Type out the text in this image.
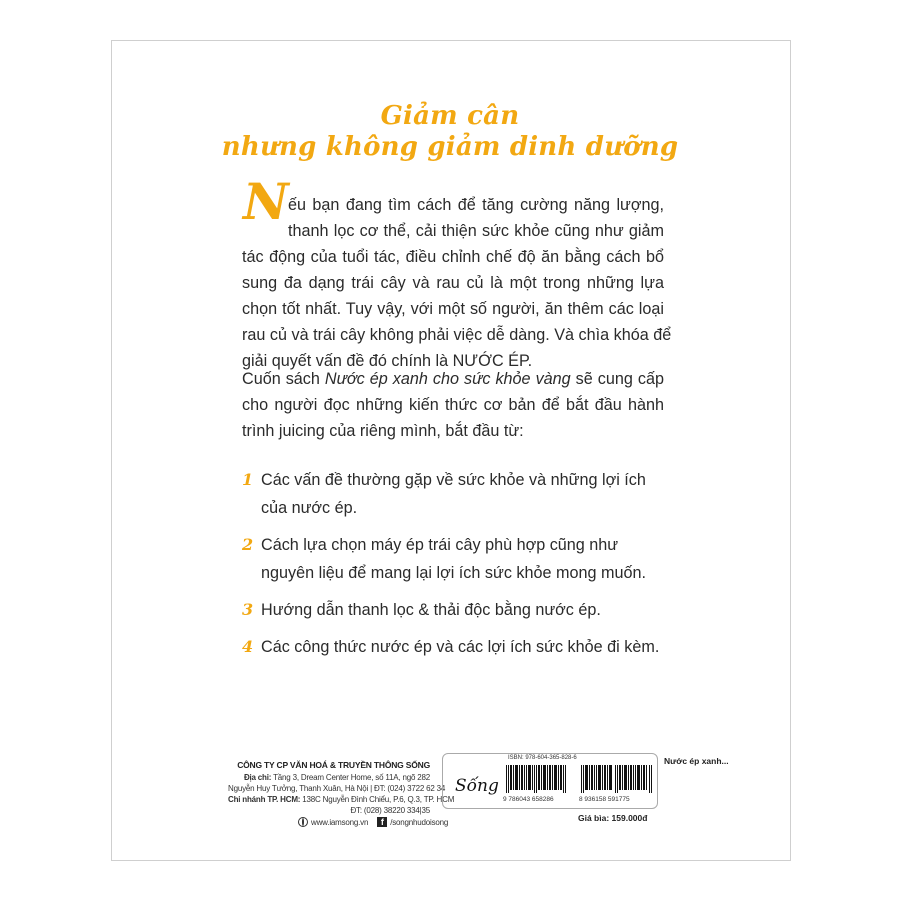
Giảm cân
nhưng không giảm dinh dưỡng
N ếu bạn đang tìm cách để tăng cường năng lượng,
thanh lọc cơ thể, cải thiện sức khỏe cũng như giảm
tác động của tuổi tác, điều chỉnh chế độ ăn bằng cách bổ
sung đa dạng trái cây và rau củ là một trong những lựa
chọn tốt nhất. Tuy vậy, với một số người, ăn thêm các loại
rau củ và trái cây không phải việc dễ dàng. Và chìa khóa để
giải quyết vấn đề đó chính là NƯỚC ÉP.
Cuốn sách Nước ép xanh cho sức khỏe vàng sẽ cung cấp
cho người đọc những kiến thức cơ bản để bắt đầu hành
trình juicing của riêng mình, bắt đầu từ:
1 Các vấn đề thường gặp về sức khỏe và những lợi ích
của nước ép.
2 Cách lựa chọn máy ép trái cây phù hợp cũng như
nguyên liệu để mang lại lợi ích sức khỏe mong muốn.
3 Hướng dẫn thanh lọc & thải độc bằng nước ép.
4 Các công thức nước ép và các lợi ích sức khỏe đi kèm.
CÔNG TY CP VĂN HOÁ & TRUYỀN THÔNG SỐNG
Địa chỉ: Tầng 3, Dream Center Home, số 11A, ngõ 282
Nguyễn Huy Tưởng, Thanh Xuân, Hà Nội | ĐT: (024) 3722 62 34
Chi nhánh TP. HCM: 138C Nguyễn Đình Chiểu, P.6, Q.3, TP. HCM
ĐT: (028) 38220 334|35
www.iamsong.vn	f /songnhudoisong
Sống
ISBN: 978-604-365-828-6
9 786043 658286	8 936158 591775
Nước ép xanh...
Giá bìa: 159.000đ
